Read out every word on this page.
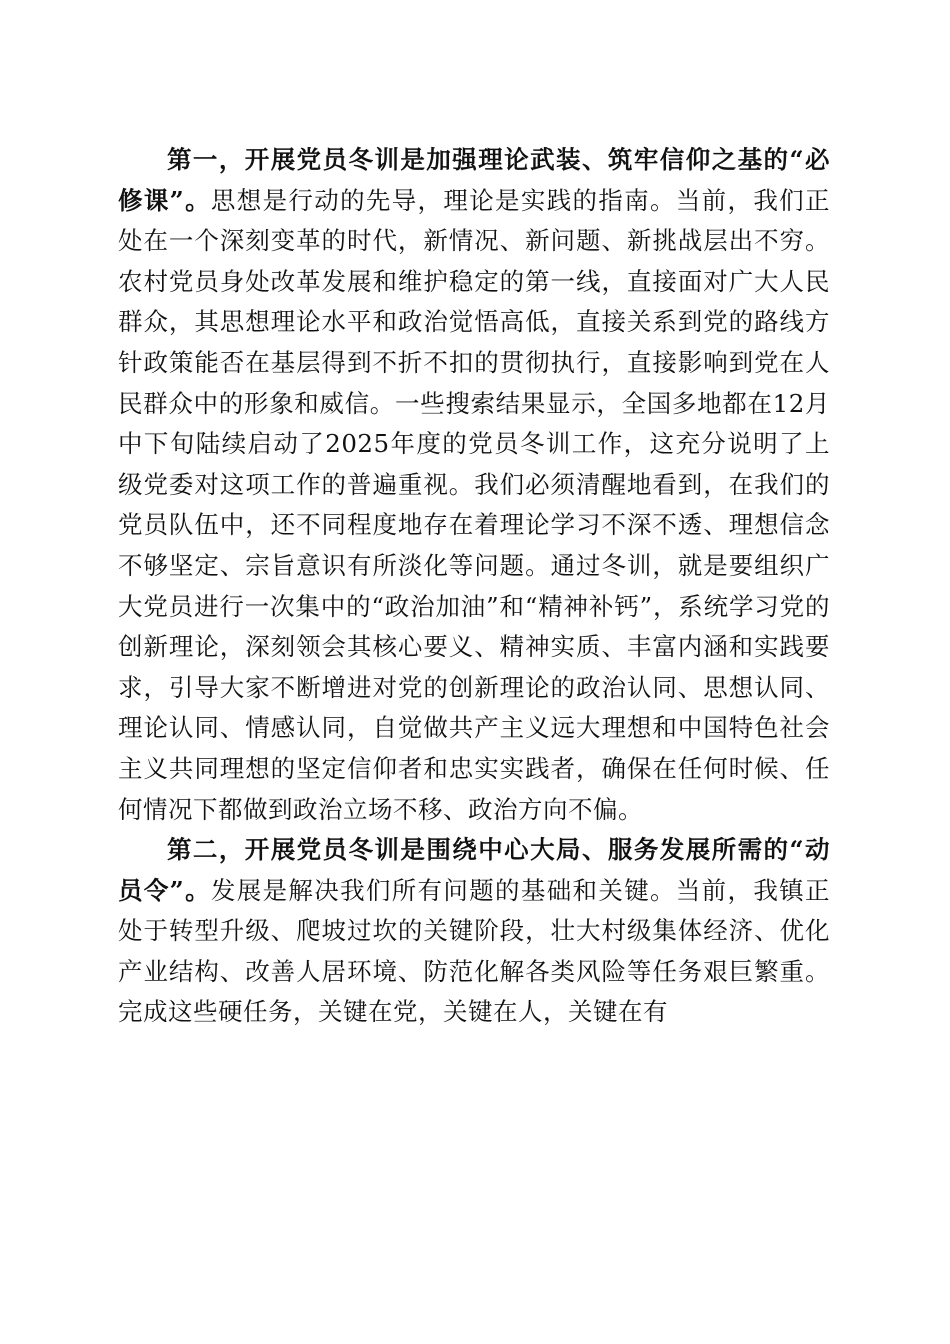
第一，开展党员冬训是加强理论武装、筑牢信仰之基的“必修课”。思想是行动的先导，理论是实践的指南。当前，我们正处在一个深刻变革的时代，新情况、新问题、新挑战层出不穷。农村党员身处改革发展和维护稳定的第一线，直接面对广大人民群众，其思想理论水平和政治觉悟高低，直接关系到党的路线方针政策能否在基层得到不折不扣的贯彻执行，直接影响到党在人民群众中的形象和威信。一些搜索结果显示，全国多地都在12月中下旬陆续启动了2025年度的党员冬训工作，这充分说明了上级党委对这项工作的普遍重视。我们必须清醒地看到，在我们的党员队伍中，还不同程度地存在着理论学习不深不透、理想信念不够坚定、宗旨意识有所淡化等问题。通过冬训，就是要组织广大党员进行一次集中的“政治加油”和“精神补钙”，系统学习党的创新理论，深刻领会其核心要义、精神实质、丰富内涵和实践要求，引导大家不断增进对党的创新理论的政治认同、思想认同、理论认同、情感认同，自觉做共产主义远大理想和中国特色社会主义共同理想的坚定信仰者和忠实实践者，确保在任何时候、任何情况下都做到政治立场不移、政治方向不偏。

第二，开展党员冬训是围绕中心大局、服务发展所需的“动员令”。发展是解决我们所有问题的基础和关键。当前，我镇正处于转型升级、爬坡过坎的关键阶段，壮大村级集体经济、优化产业结构、改善人居环境、防范化解各类风险等任务艰巨繁重。完成这些硬任务，关键在党，关键在人，关键在有
